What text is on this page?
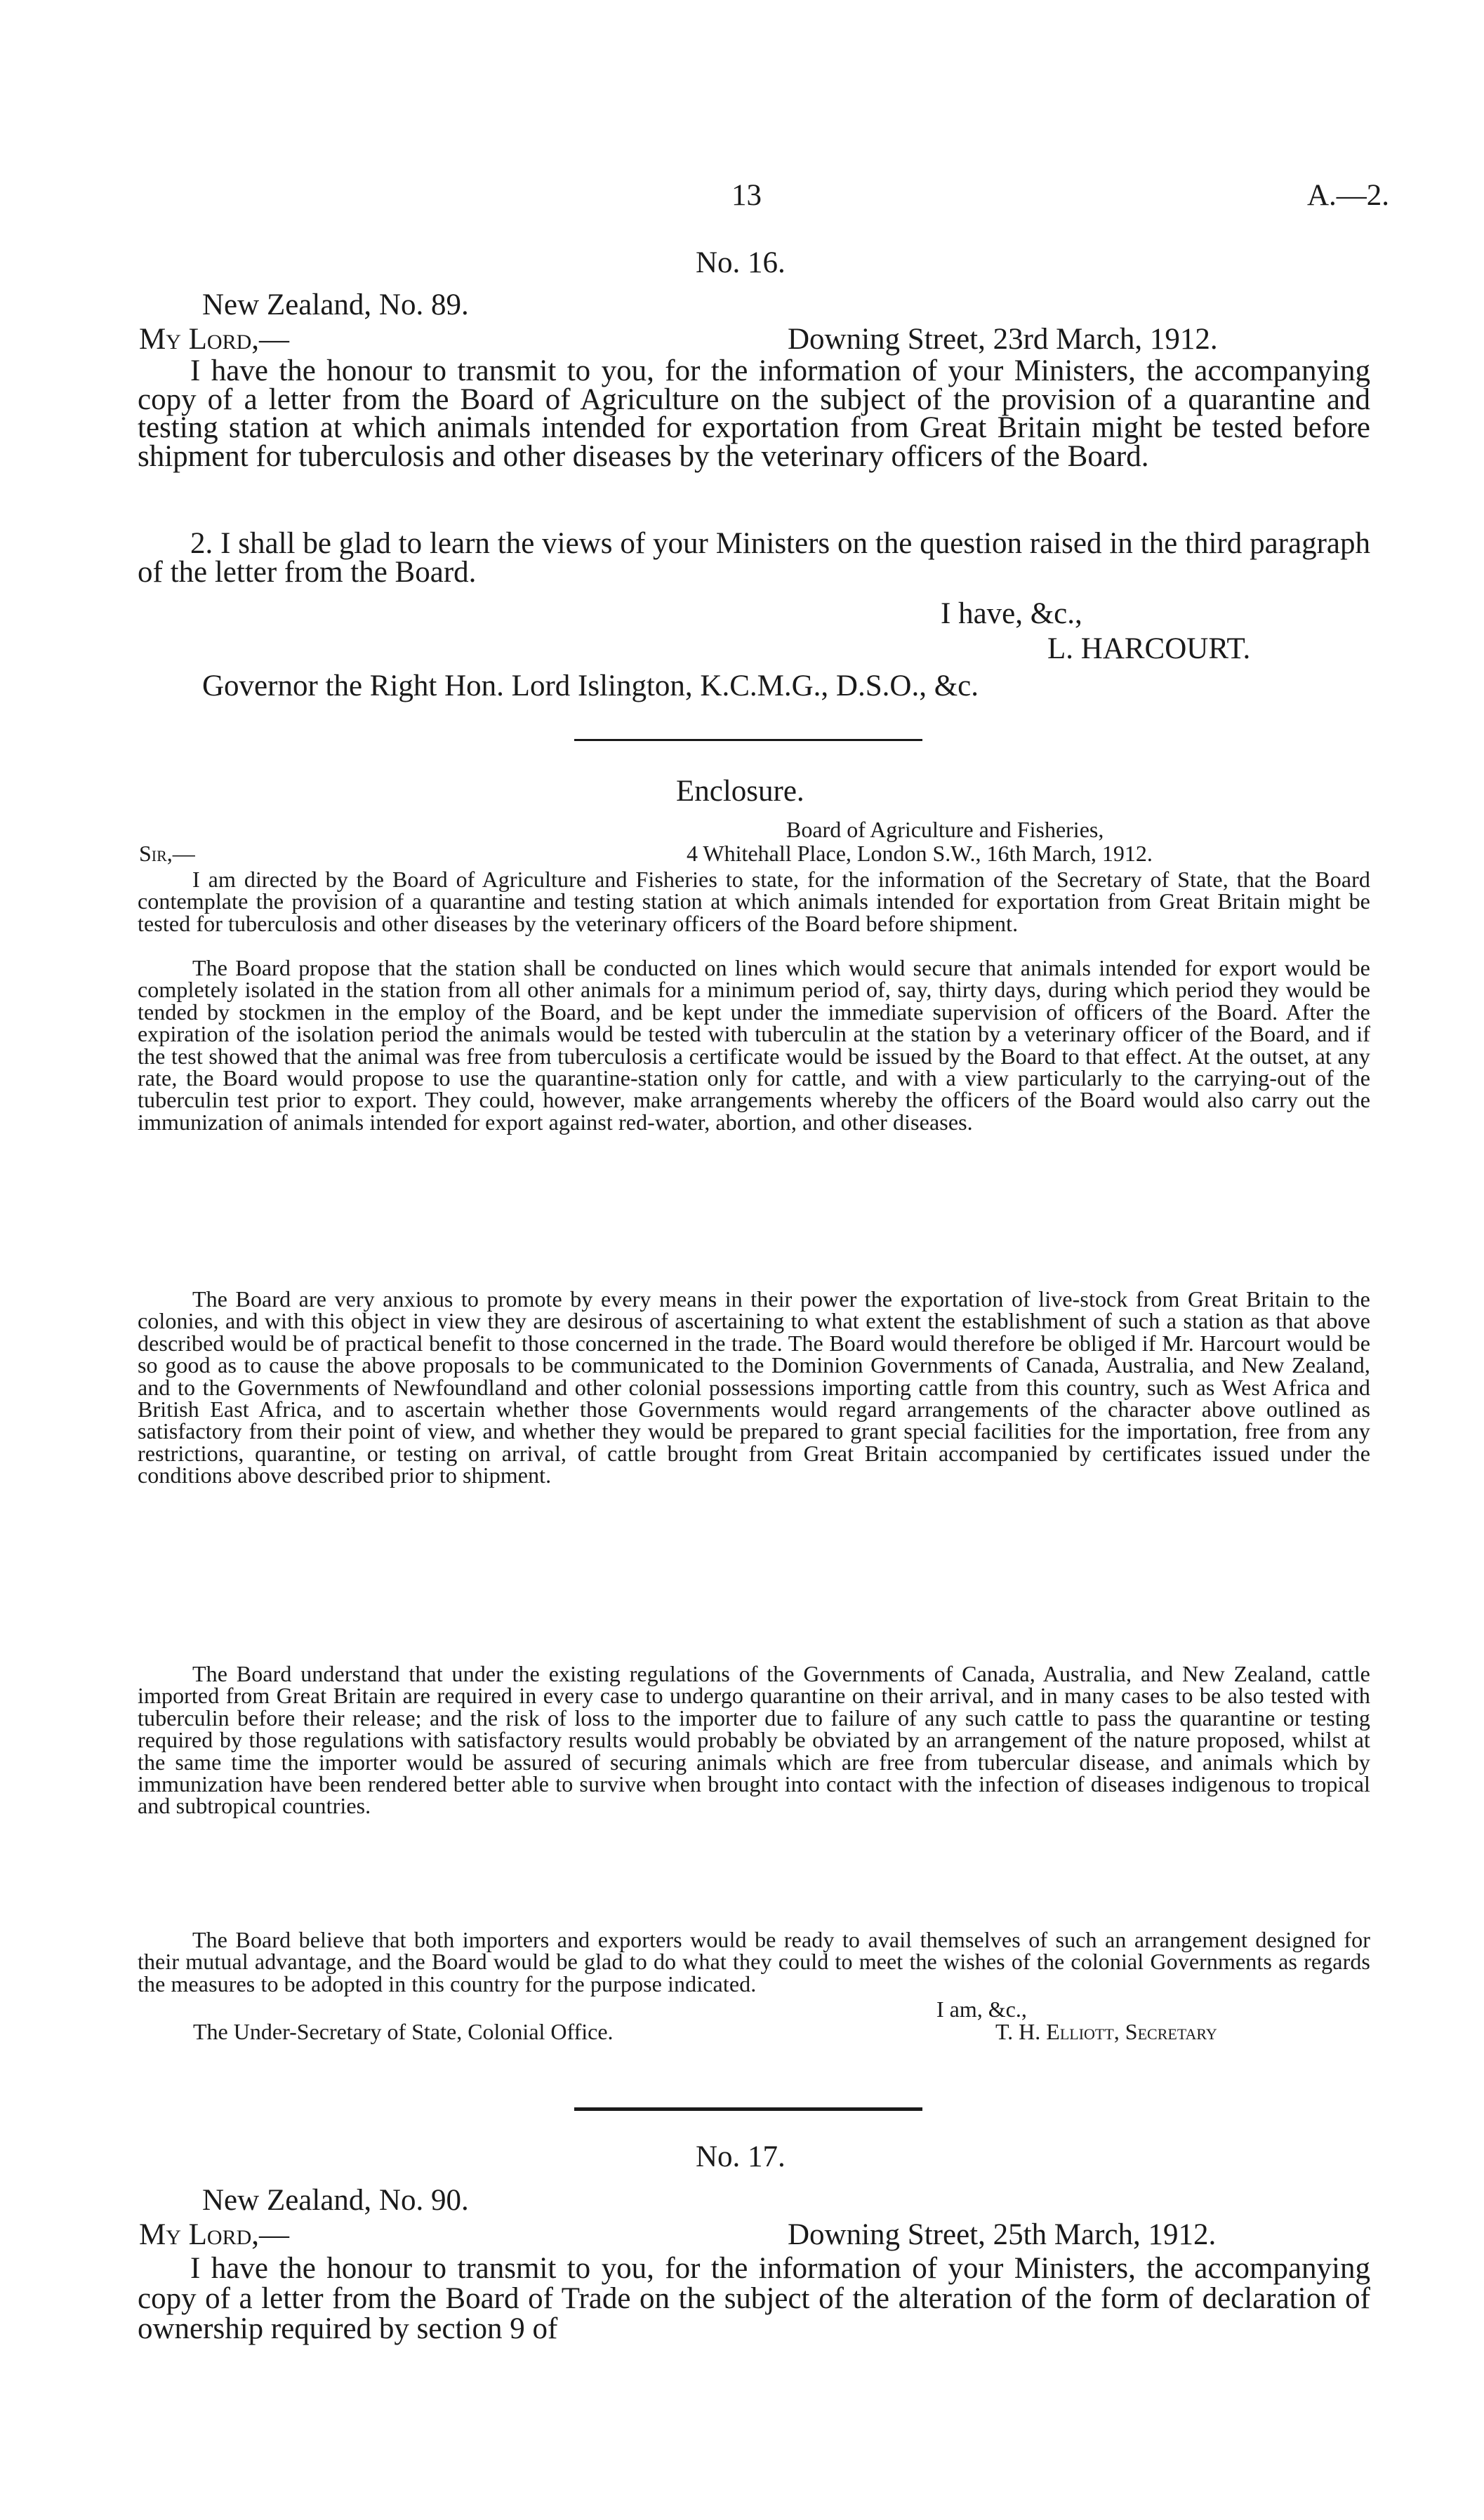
13	A.—2.
No. 16.
New Zealand, No. 89.
My Lord,—	Downing Street, 23rd March, 1912.
I have the honour to transmit to you, for the information of your Ministers, the accompanying copy of a letter from the Board of Agriculture on the subject of the provision of a quarantine and testing station at which animals intended for exportation from Great Britain might be tested before shipment for tuberculosis and other diseases by the veterinary officers of the Board.
2. I shall be glad to learn the views of your Ministers on the question raised in the third paragraph of the letter from the Board.
I have, &c.,
L. HARCOURT.
Governor the Right Hon. Lord Islington, K.C.M.G., D.S.O., &c.
Enclosure.
Board of Agriculture and Fisheries,
Sir,—	4 Whitehall Place, London S.W., 16th March, 1912.
I am directed by the Board of Agriculture and Fisheries to state, for the information of the Secretary of State, that the Board contemplate the provision of a quarantine and testing station at which animals intended for exportation from Great Britain might be tested for tuberculosis and other diseases by the veterinary officers of the Board before shipment.
The Board propose that the station shall be conducted on lines which would secure that animals intended for export would be completely isolated in the station from all other animals for a minimum period of, say, thirty days, during which period they would be tended by stockmen in the employ of the Board, and be kept under the immediate supervision of officers of the Board. After the expiration of the isolation period the animals would be tested with tuberculin at the station by a veterinary officer of the Board, and if the test showed that the animal was free from tuberculosis a certificate would be issued by the Board to that effect. At the outset, at any rate, the Board would propose to use the quarantine-station only for cattle, and with a view particularly to the carrying-out of the tuberculin test prior to export. They could, however, make arrangements whereby the officers of the Board would also carry out the immunization of animals intended for export against red-water, abortion, and other diseases.
The Board are very anxious to promote by every means in their power the exportation of live-stock from Great Britain to the colonies, and with this object in view they are desirous of ascertaining to what extent the establishment of such a station as that above described would be of practical benefit to those concerned in the trade. The Board would therefore be obliged if Mr. Harcourt would be so good as to cause the above proposals to be communicated to the Dominion Governments of Canada, Australia, and New Zealand, and to the Governments of Newfoundland and other colonial possessions importing cattle from this country, such as West Africa and British East Africa, and to ascertain whether those Governments would regard arrangements of the character above outlined as satisfactory from their point of view, and whether they would be prepared to grant special facilities for the importation, free from any restrictions, quarantine, or testing on arrival, of cattle brought from Great Britain accompanied by certificates issued under the conditions above described prior to shipment.
The Board understand that under the existing regulations of the Governments of Canada, Australia, and New Zealand, cattle imported from Great Britain are required in every case to undergo quarantine on their arrival, and in many cases to be also tested with tuberculin before their release; and the risk of loss to the importer due to failure of any such cattle to pass the quarantine or testing required by those regulations with satisfactory results would probably be obviated by an arrangement of the nature proposed, whilst at the same time the importer would be assured of securing animals which are free from tubercular disease, and animals which by immunization have been rendered better able to survive when brought into contact with the infection of diseases indigenous to tropical and subtropical countries.
The Board believe that both importers and exporters would be ready to avail themselves of such an arrangement designed for their mutual advantage, and the Board would be glad to do what they could to meet the wishes of the colonial Governments as regards the measures to be adopted in this country for the purpose indicated.
I am, &c.,
The Under-Secretary of State, Colonial Office.	T. H. Elliott, Secretary
No. 17.
New Zealand, No. 90.
My Lord,—	Downing Street, 25th March, 1912.
I have the honour to transmit to you, for the information of your Ministers, the accompanying copy of a letter from the Board of Trade on the subject of the alteration of the form of declaration of ownership required by section 9 of
